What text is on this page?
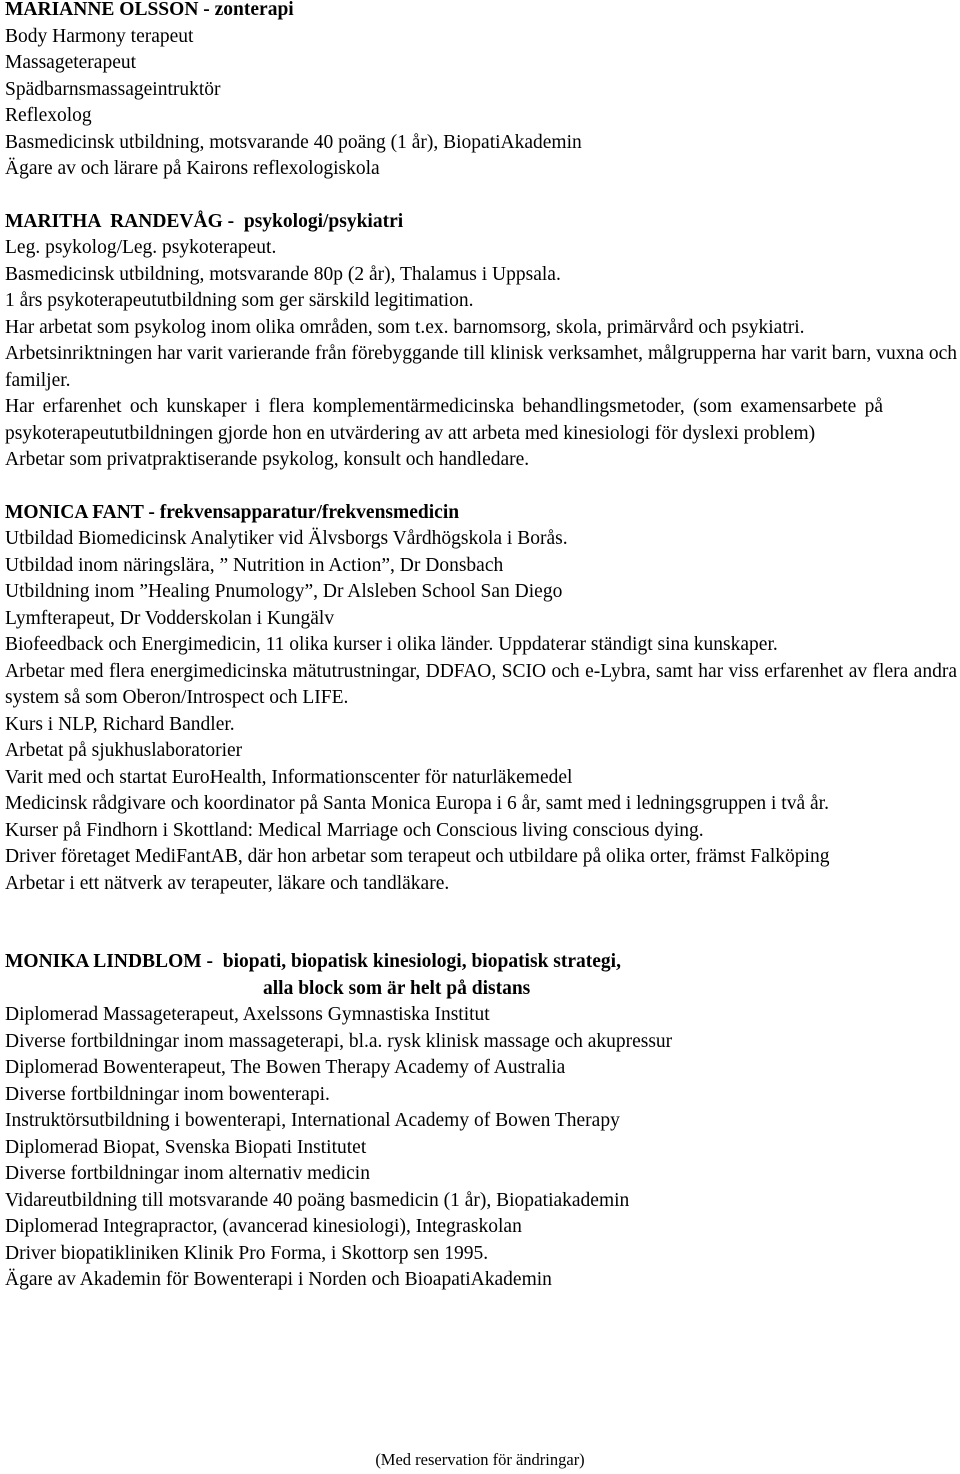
MARIANNE OLSSON - zonterapi
Body Harmony terapeut
Massageterapeut
Spädbarnsmassageintruktör
Reflexolog
Basmedicinsk utbildning, motsvarande 40 poäng (1 år), BiopatiAkademin
Ägare av och lärare på Kairons reflexologiskola
MARITHA  RANDEVÅG -  psykologi/psykiatri
Leg. psykolog/Leg. psykoterapeut.
Basmedicinsk utbildning, motsvarande 80p (2 år), Thalamus i Uppsala.
1 års psykoterapeututbildning som ger särskild legitimation.
Har arbetat som psykolog inom olika områden, som t.ex. barnomsorg, skola, primärvård och psykiatri.
Arbetsinriktningen har varit varierande från förebyggande till klinisk verksamhet, målgrupperna har varit barn, vuxna och familjer.
Har erfarenhet och kunskaper i flera komplementärmedicinska behandlingsmetoder, (som examensarbete på psykoterapeututbildningen gjorde hon en utvärdering av att arbeta med kinesiologi för dyslexi problem)
Arbetar som privatpraktiserande psykolog, konsult och handledare.
MONICA FANT - frekvensapparatur/frekvensmedicin
Utbildad Biomedicinsk Analytiker vid Älvsborgs Vårdhögskola i Borås.
Utbildad inom näringslära, ” Nutrition in Action”, Dr Donsbach
Utbildning inom ”Healing Pnumology”, Dr Alsleben School San Diego
Lymfterapeut, Dr Vodderskolan i Kungälv
Biofeedback och Energimedicin, 11 olika kurser i olika länder. Uppdaterar ständigt sina kunskaper.
Arbetar med flera energimedicinska mätutrustningar, DDFAO, SCIO och e-Lybra, samt har viss erfarenhet av flera andra system så som Oberon/Introspect och LIFE.
Kurs i NLP, Richard Bandler.
Arbetat på sjukhuslaboratorier
Varit med och startat EuroHealth, Informationscenter för naturläkemedel
Medicinsk rådgivare och koordinator på Santa Monica Europa i 6 år, samt med i ledningsgruppen i två år.
Kurser på Findhorn i Skottland: Medical Marriage och Conscious living conscious dying.
Driver företaget MediFantAB, där hon arbetar som terapeut och utbildare på olika orter, främst Falköping
Arbetar i ett nätverk av terapeuter, läkare och tandläkare.
MONIKA LINDBLOM -  biopati, biopatisk kinesiologi, biopatisk strategi,
alla block som är helt på distans
Diplomerad Massageterapeut, Axelssons Gymnastiska Institut
Diverse fortbildningar inom massageterapi, bl.a. rysk klinisk massage och akupressur
Diplomerad Bowenterapeut, The Bowen Therapy Academy of Australia
Diverse fortbildningar inom bowenterapi.
Instruktörsutbildning i bowenterapi, International Academy of Bowen Therapy
Diplomerad Biopat, Svenska Biopati Institutet
Diverse fortbildningar inom alternativ medicin
Vidareutbildning till motsvarande 40 poäng basmedicin (1 år), Biopatiakademin
Diplomerad Integrapractor, (avancerad kinesiologi), Integraskolan
Driver biopatikliniken Klinik Pro Forma, i Skottorp sen 1995.
Ägare av Akademin för Bowenterapi i Norden och BioapatiAkademin
(Med reservation för ändringar)
